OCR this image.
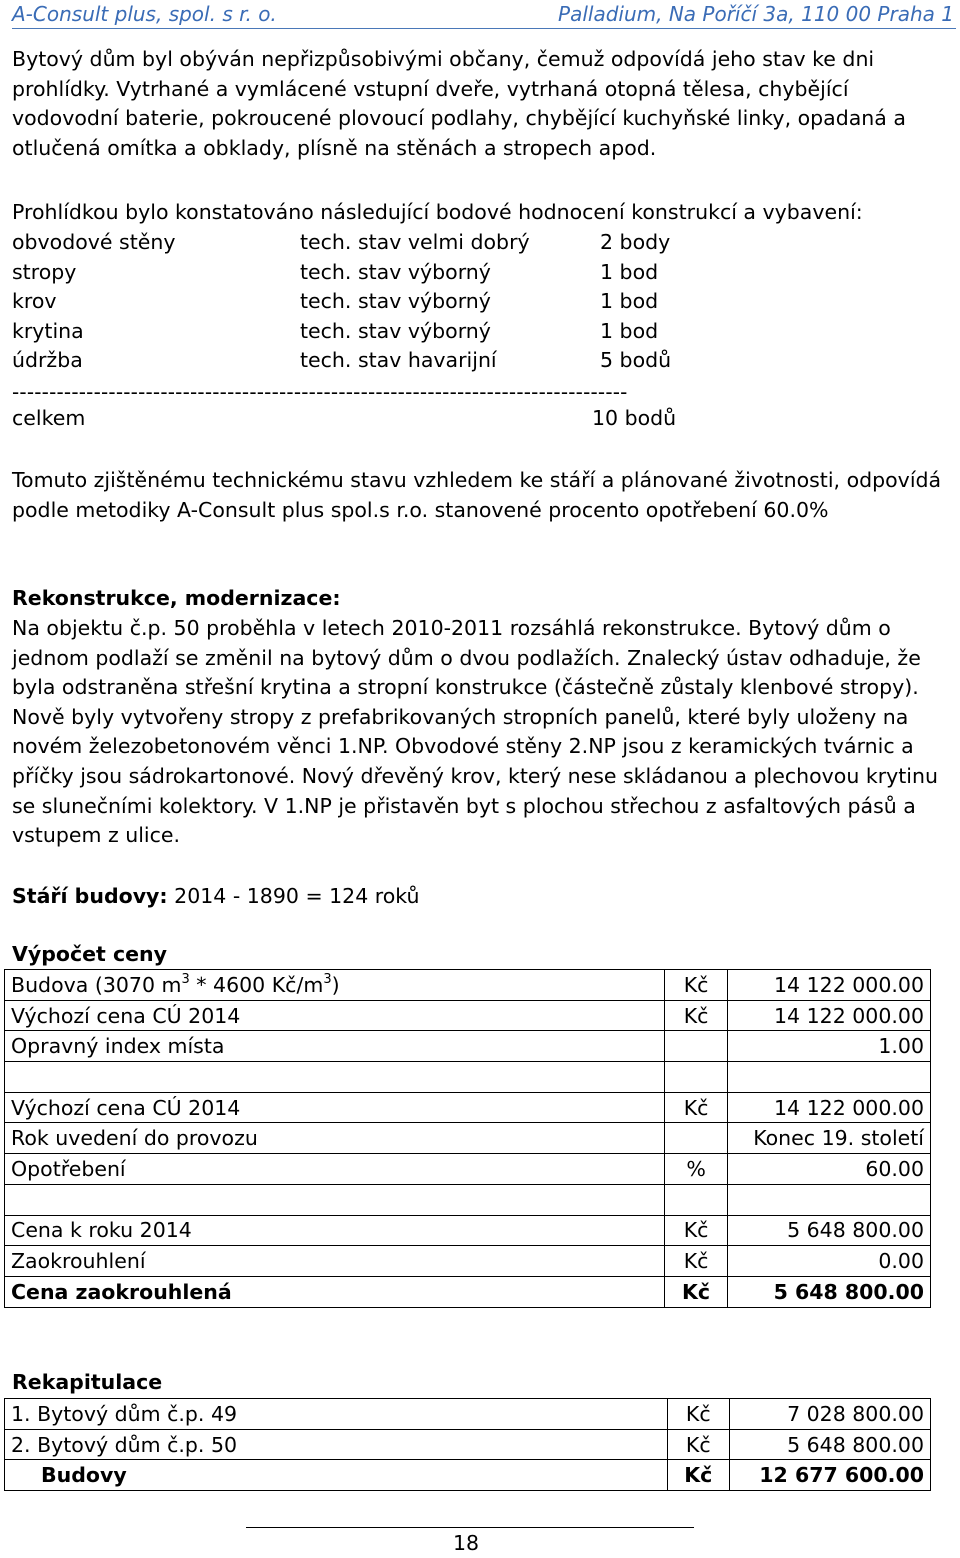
A-Consult plus, spol. s r. o.	Palladium, Na Poříčí 3a, 110 00 Praha 1

Bytový dům byl obýván nepřizpůsobivými občany, čemuž odpovídá jeho stav ke dni prohlídky. Vytrhané a vymlácené vstupní dveře, vytrhaná otopná tělesa, chybějící vodovodní baterie, pokroucené plovoucí podlahy, chybějící kuchyňské linky, opadaná a otlučená omítka a obklady, plísně na stěnách a stropech apod.

Prohlídkou bylo konstatováno následující bodové hodnocení konstrukcí a vybavení:
obvodové stěny	tech. stav velmi dobrý	2 body
stropy	tech. stav výborný	1 bod
krov	tech. stav výborný	1 bod
krytina	tech. stav výborný	1 bod
údržba	tech. stav havarijní	5 bodů
-----------------------------------------------------------------------------------
celkem	10 bodů

Tomuto zjištěnému technickému stavu vzhledem ke stáří a plánované životnosti, odpovídá podle metodiky A-Consult plus spol.s r.o. stanovené procento opotřebení 60.0%

Rekonstrukce, modernizace:

Na objektu č.p. 50 proběhla v letech 2010-2011 rozsáhlá rekonstrukce. Bytový dům o jednom podlaží se změnil na bytový dům o dvou podlažích. Znalecký ústav odhaduje, že byla odstraněna střešní krytina a stropní konstrukce (částečně zůstaly klenbové stropy). Nově byly vytvořeny stropy z prefabrikovaných stropních panelů, které byly uloženy na novém železobetonovém věnci 1.NP. Obvodové stěny 2.NP jsou z keramických tvárnic a příčky jsou sádrokartonové. Nový dřevěný krov, který nese skládanou a plechovou krytinu se slunečními kolektory. V 1.NP je přistavěn byt s plochou střechou z asfaltových pásů a vstupem z ulice.

Stáří budovy: 2014 - 1890 = 124 roků
Výpočet ceny
Budova (3070 $m^3 * 4600$ $Kč/m^3$)	Kč	14 122 000.00
Výchozí cena CÚ 2014	Kč	14 122 000.00
Opravný index místa		1.00

Výchozí cena CÚ 2014	Kč	14 122 000.00
Rok uvedení do provozu		Konec 19. století
Opotřebení	%	60.00

Cena k roku 2014	Kč	5 648 800.00
Zaokrouhlení	Kč	0.00
Cena zaokrouhlená	Kč	5 648 800.00
Rekapitulace
1. Bytový dům č.p. 49	Kč	7 028 800.00
2. Bytový dům č.p. 50	Kč	5 648 800.00
Budovy	Kč	12 677 600.00
18
